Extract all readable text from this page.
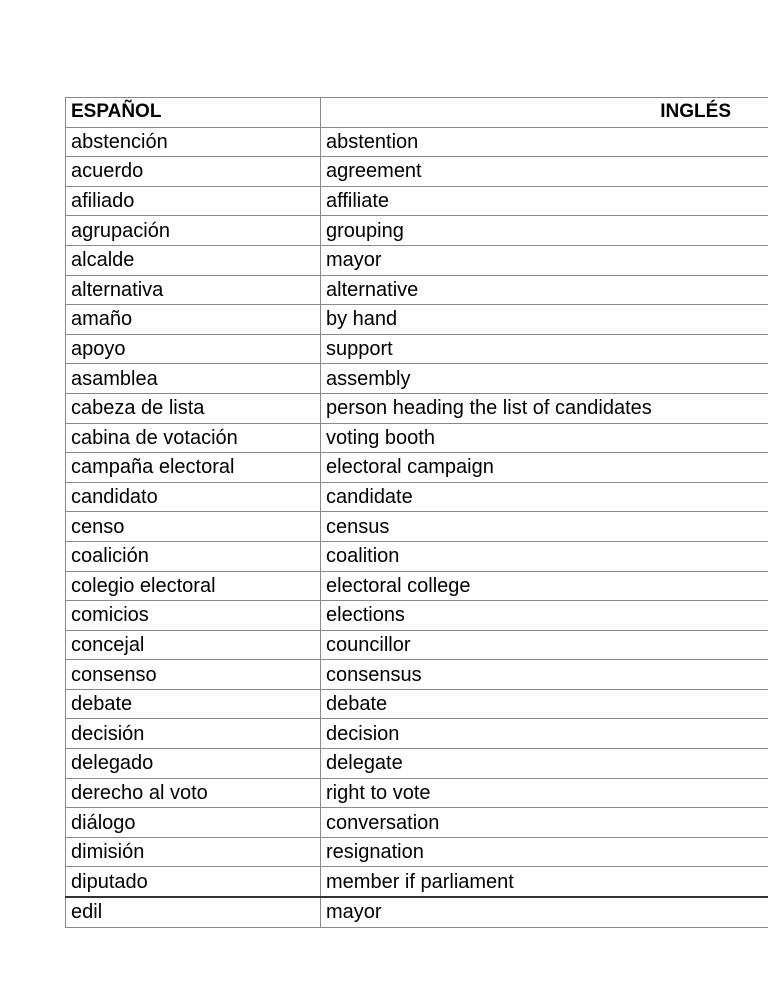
ESPAÑOL	INGLÉS
abstención	abstention
acuerdo	agreement
afiliado	affiliate
agrupación	grouping
alcalde	mayor
alternativa	alternative
amaño	by hand
apoyo	support
asamblea	assembly
cabeza de lista	person heading the list of candidates
cabina de votación	voting booth
campaña electoral	electoral campaign
candidato	candidate
censo	census
coalición	coalition
colegio electoral	electoral college
comicios	elections
concejal	councillor
consenso	consensus
debate	debate
decisión	decision
delegado	delegate
derecho al voto	right to vote
diálogo	conversation
dimisión	resignation
diputado	member if parliament
edil	mayor
